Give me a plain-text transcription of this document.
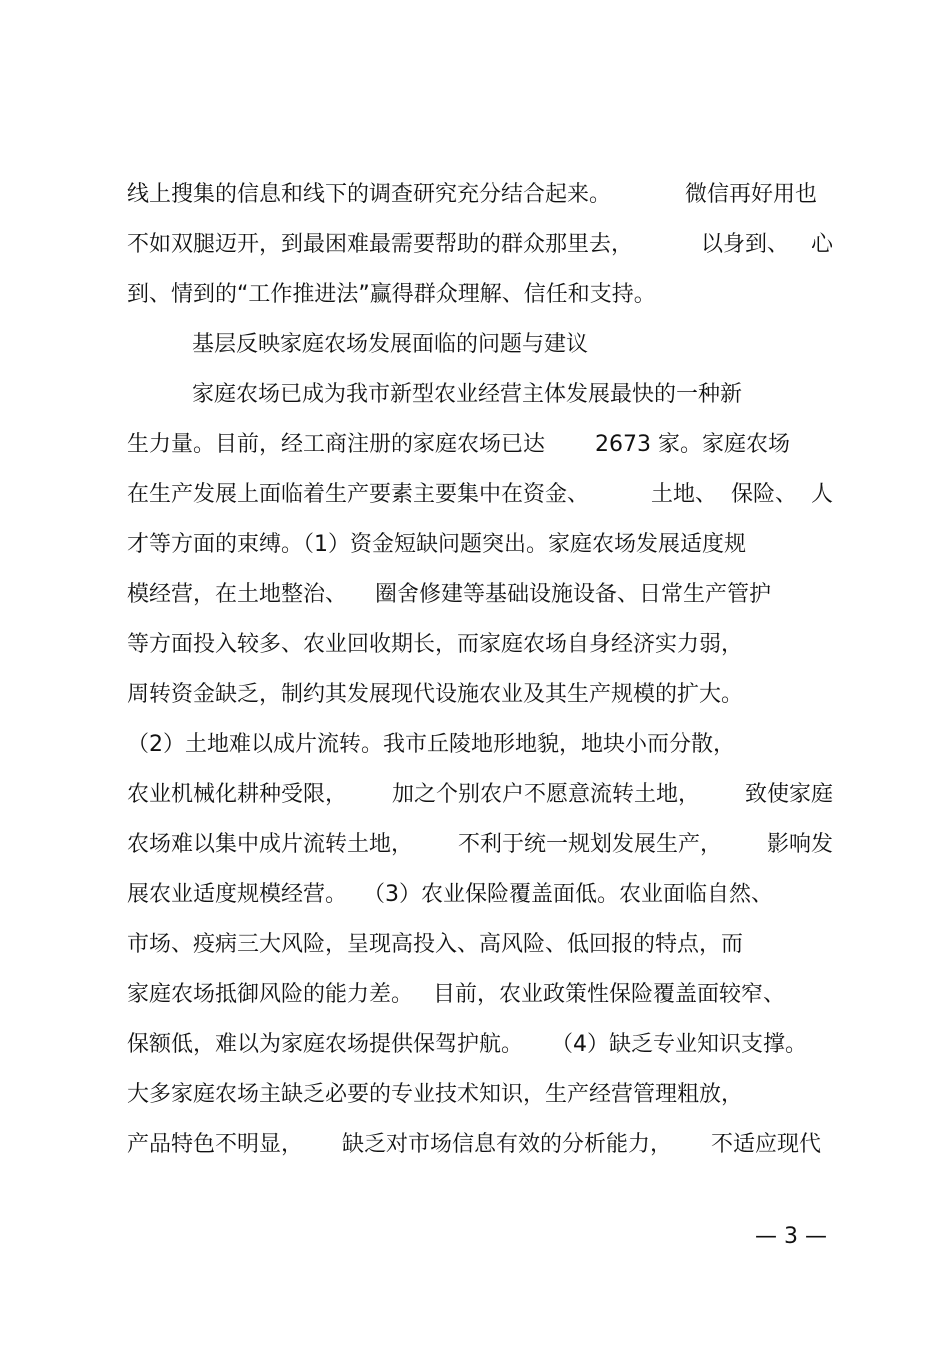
线上搜集的信息和线下的调查研究充分结合起来。	微信再好用也
不如双腿迈开，到最困难最需要帮助的群众那里去，	以身到、 心
到、情到的“工作推进法”赢得群众理解、信任和支持。
基层反映家庭农场发展面临的问题与建议
家庭农场已成为我市新型农业经营主体发展最快的一种新
生力量。目前，经工商注册的家庭农场已达 2673 家。家庭农场
在生产发展上面临着生产要素主要集中在资金、	土地、 保险、 人
才等方面的束缚。（1）资金短缺问题突出。家庭农场发展适度规
模经营，在土地整治、 圈舍修建等基础设施设备、日常生产管护
等方面投入较多、农业回收期长，而家庭农场自身经济实力弱，
周转资金缺乏，制约其发展现代设施农业及其生产规模的扩大。
（2）土地难以成片流转。我市丘陵地形地貌，地块小而分散，
农业机械化耕种受限， 加之个别农户不愿意流转土地， 致使家庭
农场难以集中成片流转土地， 不利于统一规划发展生产， 影响发
展农业适度规模经营。 （3）农业保险覆盖面低。农业面临自然、
市场、疫病三大风险，呈现高投入、高风险、低回报的特点，而
家庭农场抵御风险的能力差。 目前，农业政策性保险覆盖面较窄、
保额低，难以为家庭农场提供保驾护航。 （4）缺乏专业知识支撑。
大多家庭农场主缺乏必要的专业技术知识，生产经营管理粗放，
产品特色不明显， 缺乏对市场信息有效的分析能力， 不适应现代
— 3 —
